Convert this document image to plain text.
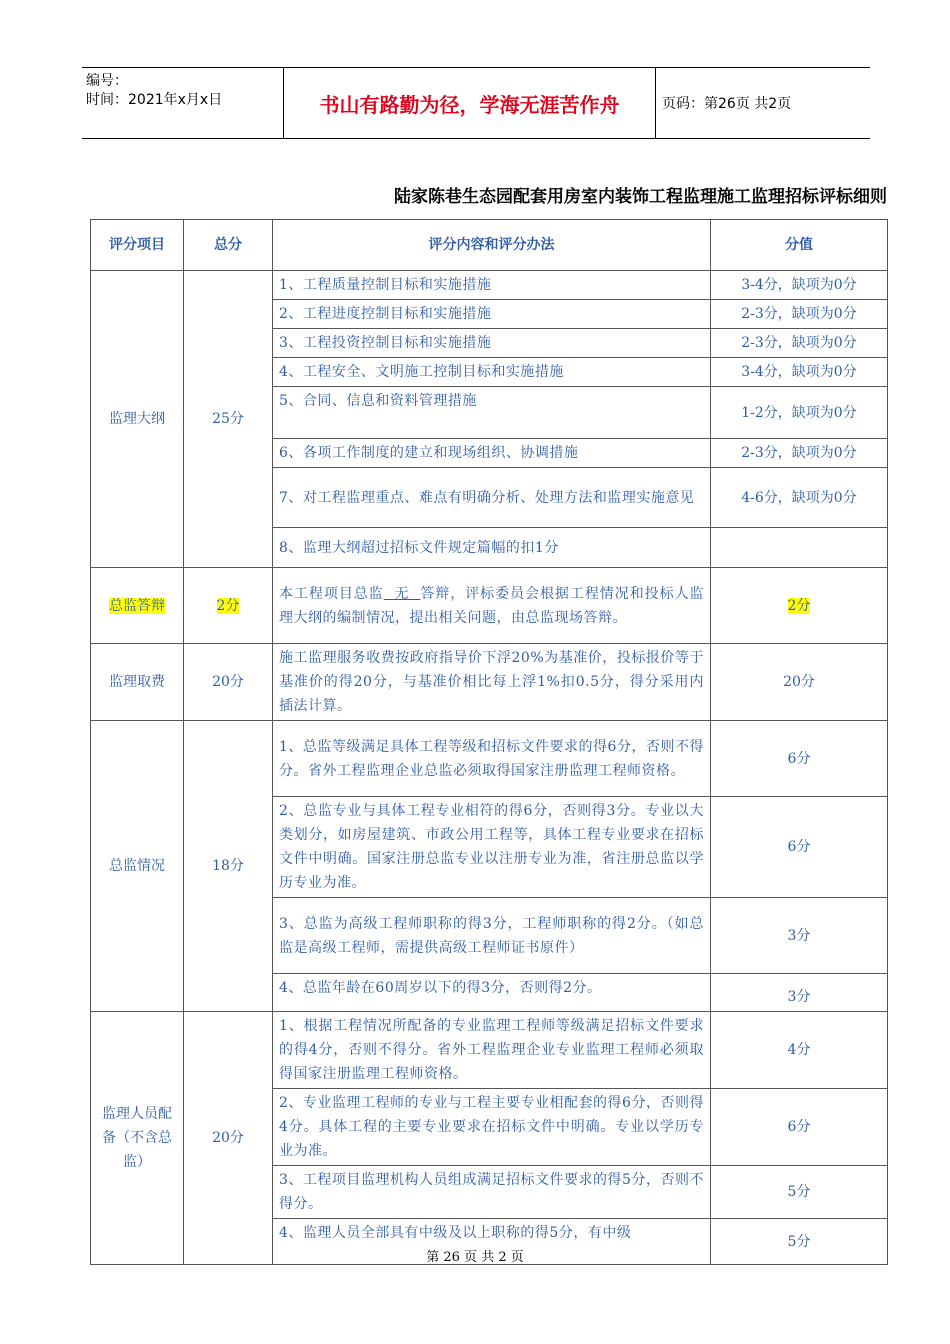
编号：
时间：2021年x月x日	书山有路勤为径，学海无涯苦作舟	页码：第26页 共2页
陆家陈巷生态园配套用房室内装饰工程监理施工监理招标评标细则
评分项目	总分	评分内容和评分办法	分值
监理大纲	25分	1、工程质量控制目标和实施措施	3-4分，缺项为0分
		2、工程进度控制目标和实施措施	2-3分，缺项为0分
		3、工程投资控制目标和实施措施	2-3分，缺项为0分
		4、工程安全、文明施工控制目标和实施措施	3-4分，缺项为0分
		5、合同、信息和资料管理措施	1-2分，缺项为0分
		6、各项工作制度的建立和现场组织、协调措施	2-3分，缺项为0分
		7、对工程监理重点、难点有明确分析、处理方法和监理实施意见	4-6分，缺项为0分
		8、监理大纲超过招标文件规定篇幅的扣1分	
总监答辩	2分	本工程项目总监 无 答辩，评标委员会根据工程情况和投标人监理大纲的编制情况，提出相关问题，由总监现场答辩。	2分
监理取费	20分	施工监理服务收费按政府指导价下浮20%为基准价，投标报价等于基准价的得20分，与基准价相比每上浮1%扣0.5分，得分采用内插法计算。	20分
总监情况	18分	1、总监等级满足具体工程等级和招标文件要求的得6分，否则不得分。省外工程监理企业总监必须取得国家注册监理工程师资格。	6分
		2、总监专业与具体工程专业相符的得6分，否则得3分。专业以大类划分，如房屋建筑、市政公用工程等，具体工程专业要求在招标文件中明确。国家注册总监专业以注册专业为准，省注册总监以学历专业为准。	6分
		3、总监为高级工程师职称的得3分，工程师职称的得2分。（如总监是高级工程师，需提供高级工程师证书原件）	3分
		4、总监年龄在60周岁以下的得3分，否则得2分。	3分
监理人员配备（不含总监）	20分	1、根据工程情况所配备的专业监理工程师等级满足招标文件要求的得4分，否则不得分。省外工程监理企业专业监理工程师必须取得国家注册监理工程师资格。	4分
		2、专业监理工程师的专业与工程主要专业相配套的得6分，否则得4分。具体工程的主要专业要求在招标文件中明确。专业以学历专业为准。	6分
		3、工程项目监理机构人员组成满足招标文件要求的得5分，否则不得分。	5分
		4、监理人员全部具有中级及以上职称的得5分，有中级	5分
第 26 页 共 2 页
